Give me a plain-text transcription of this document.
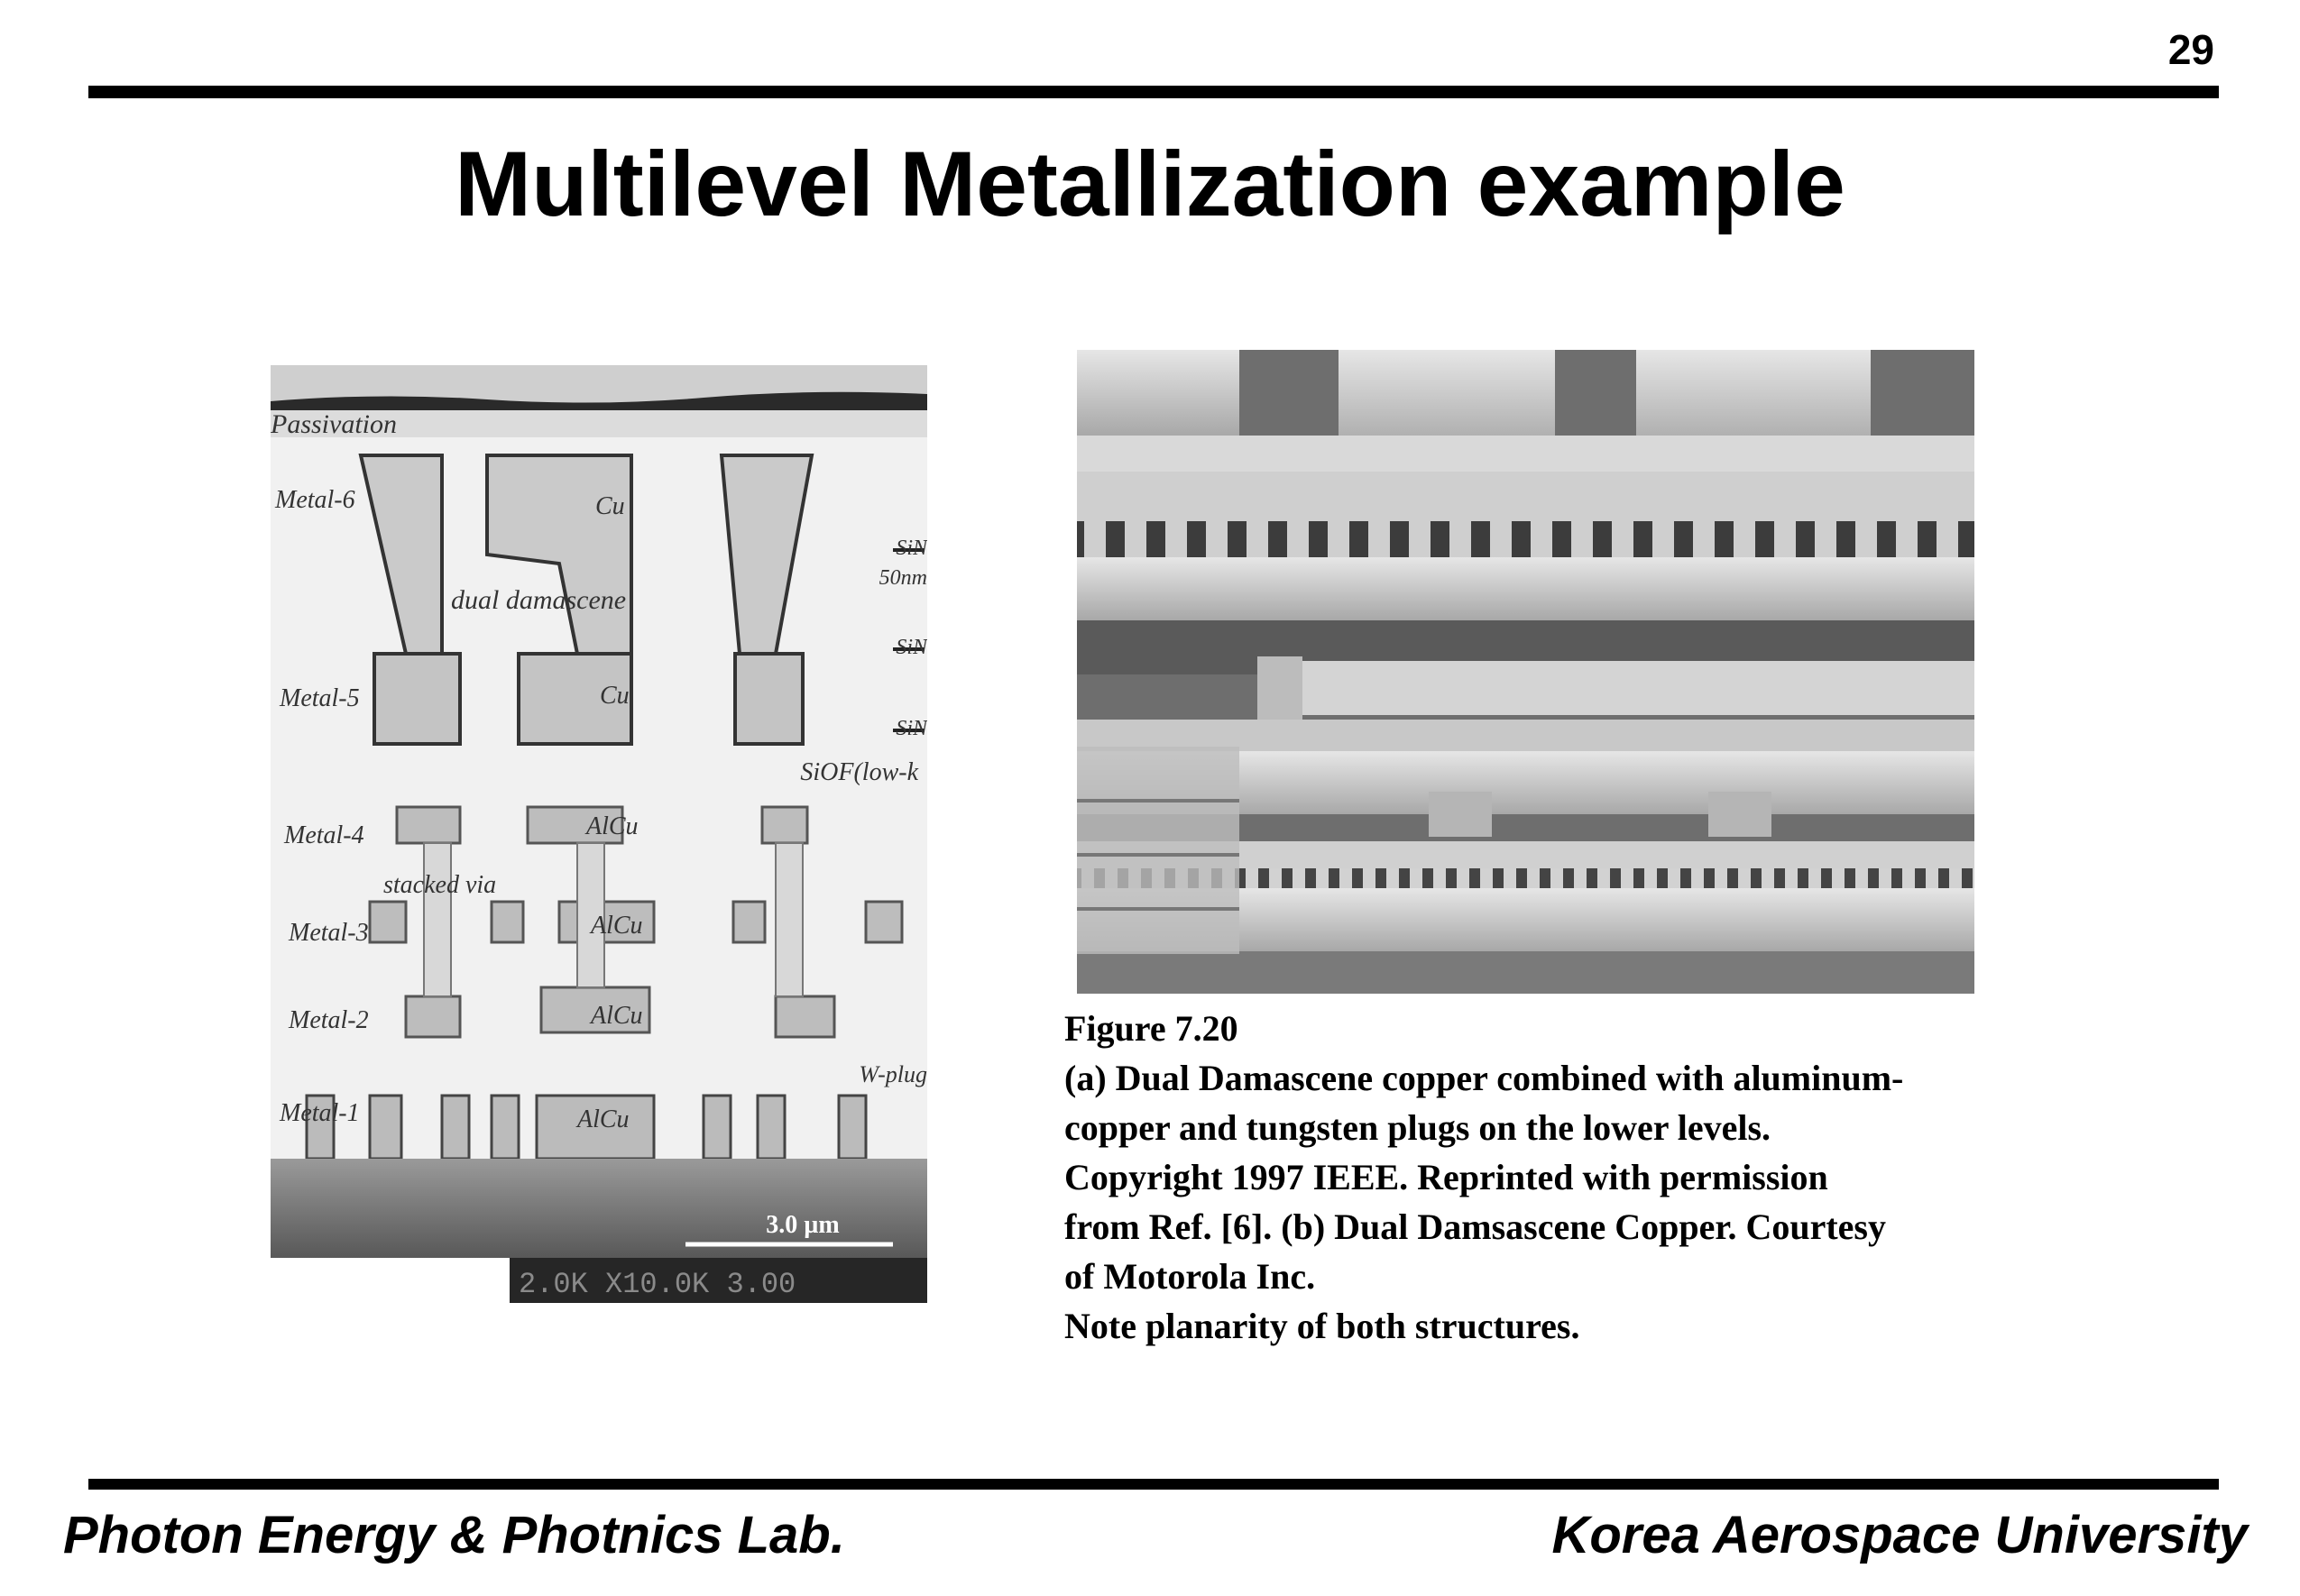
29
Multilevel Metallization example
Passivation
Metal-6
Metal-5
Metal-4
Metal-3
Metal-2
Metal-1
Cu
Cu
dual damascene
AlCu
AlCu
AlCu
AlCu
stacked via
SiN
50nm
SiN
SiN
SiOF(low-k
W-plug
3.0 µm
2.0K X10.0K 3.00
Figure 7.20
(a) Dual Damascene copper combined with aluminum-
copper and tungsten plugs on the lower levels.
Copyright 1997 IEEE. Reprinted with permission
from Ref. [6]. (b) Dual Damsascene Copper. Courtesy
of Motorola Inc.
Note planarity of both structures.
Photon Energy & Photnics Lab.	Korea Aerospace University
